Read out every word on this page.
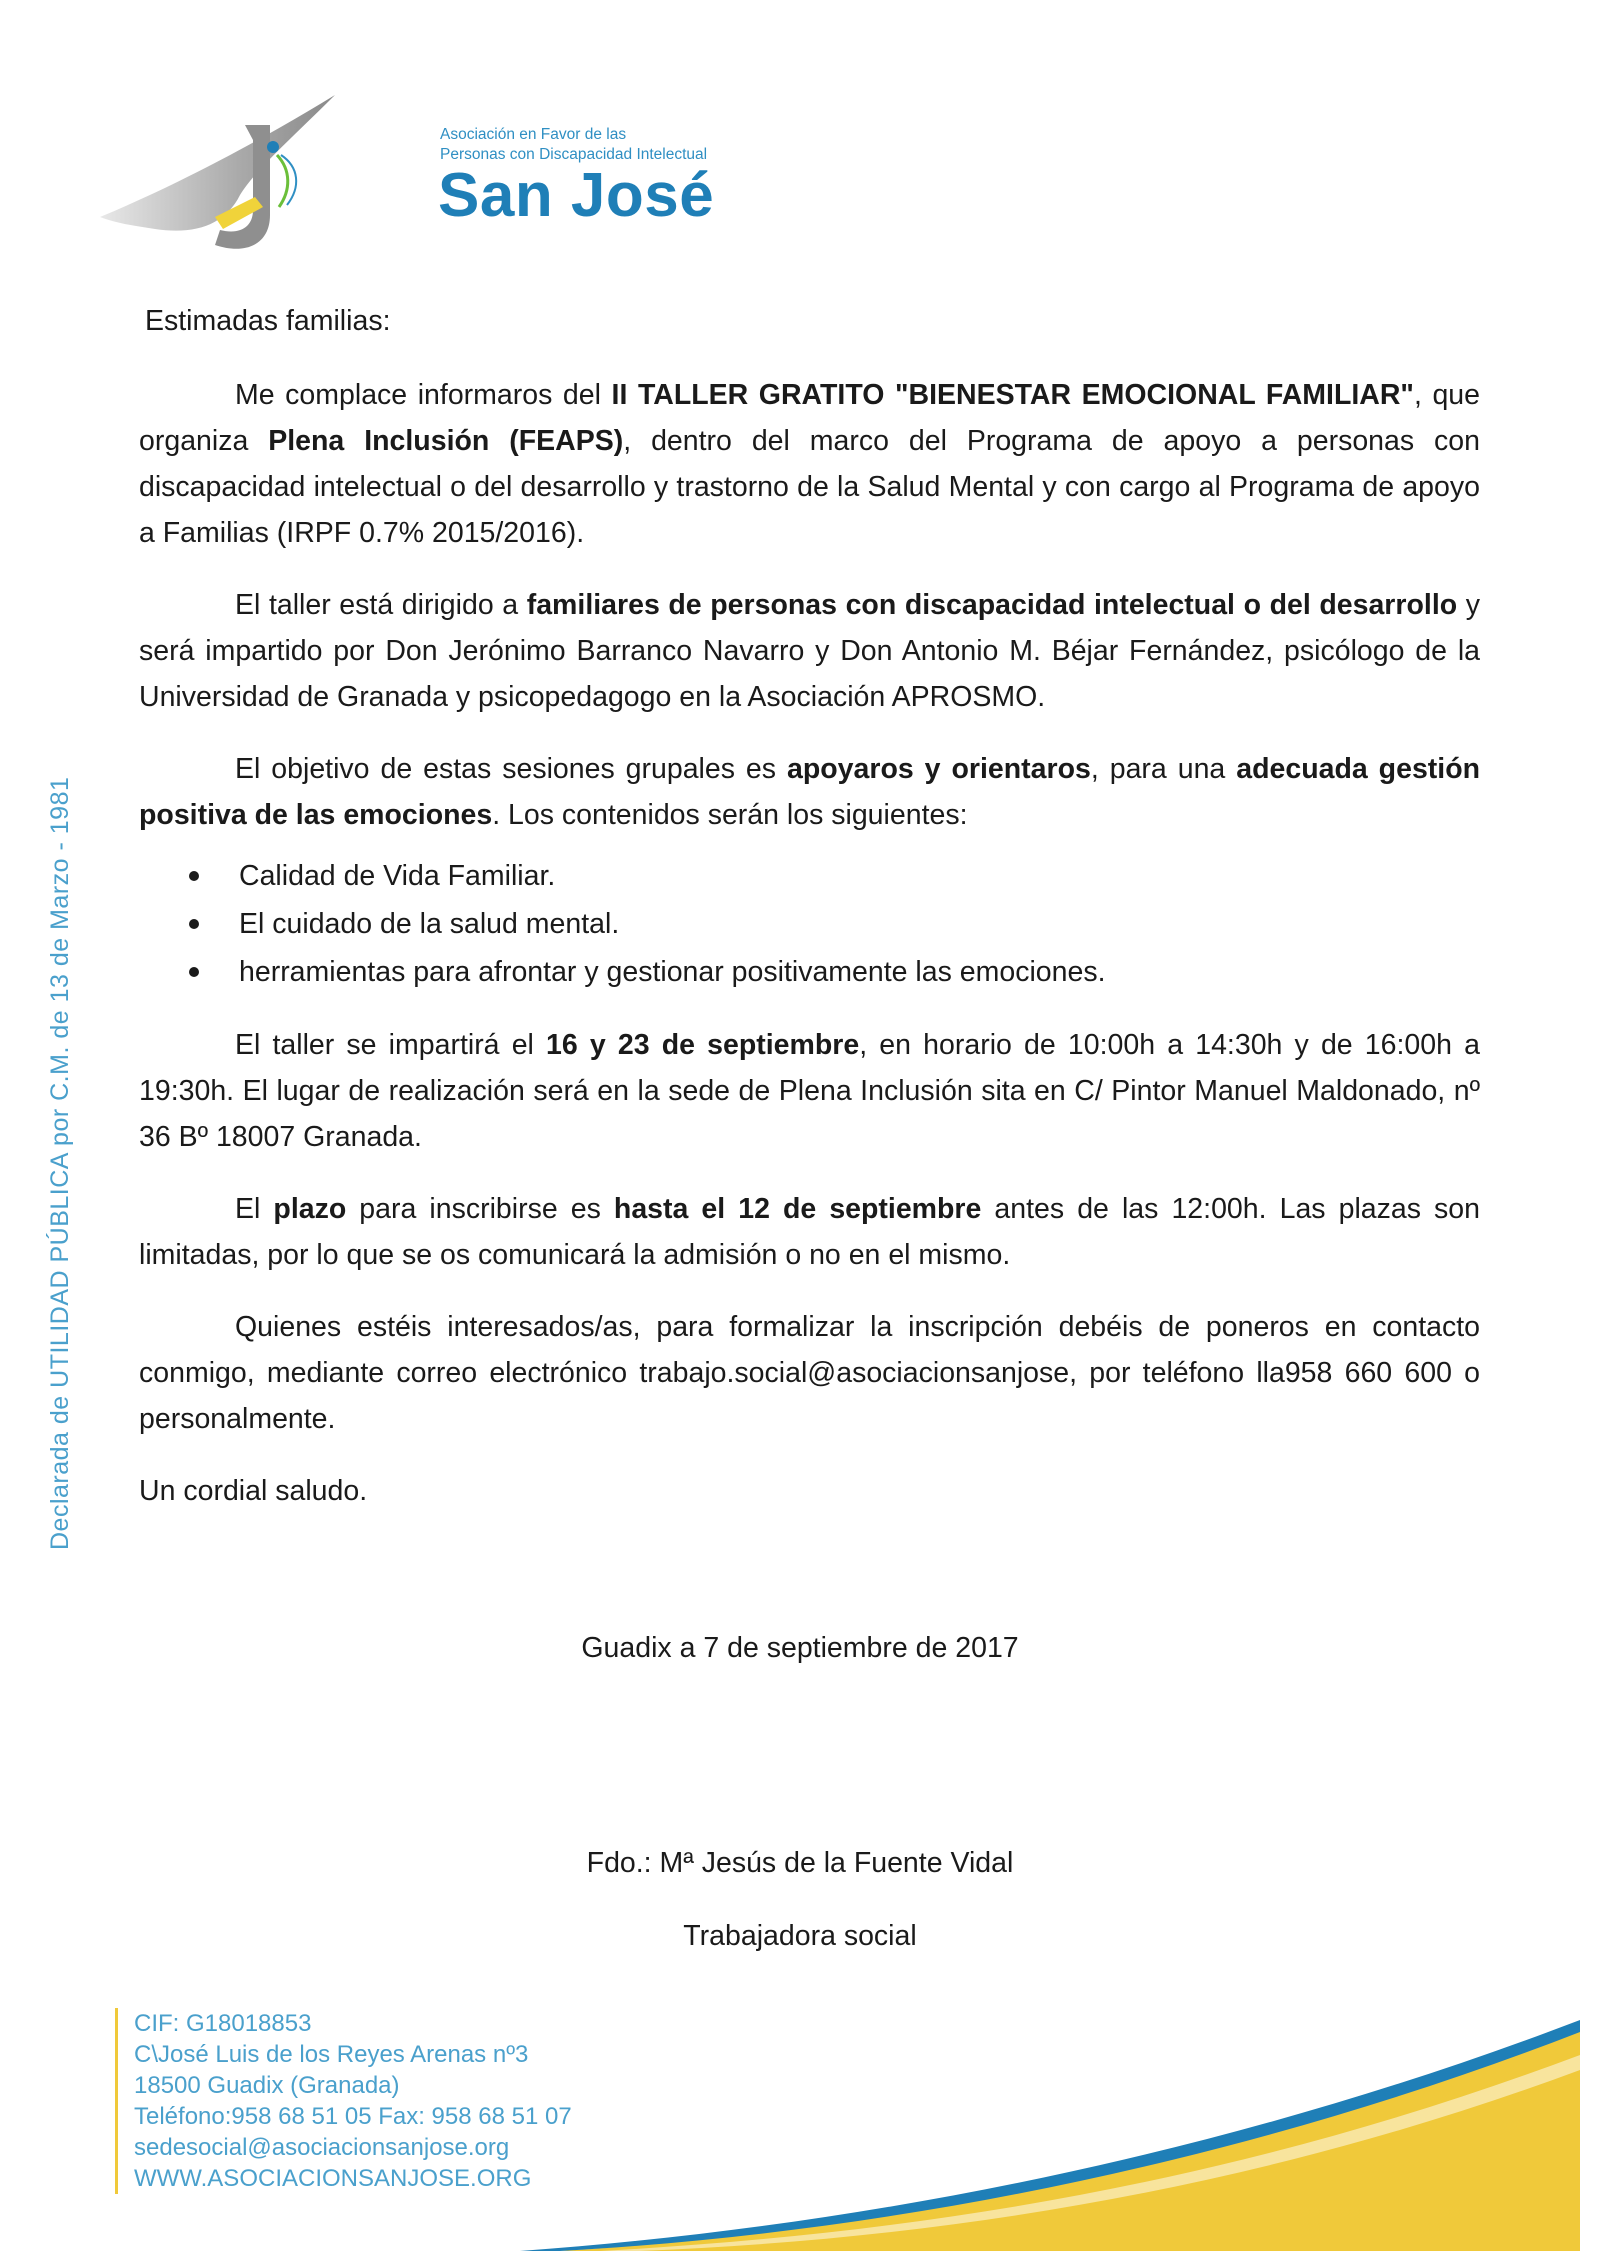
Asociación en Favor de las
Personas con Discapacidad Intelectual
San José
Declarada de UTILIDAD PÚBLICA por C.M. de 13 de Marzo - 1981
Estimadas familias:

Me complace informaros del II TALLER GRATITO "BIENESTAR EMOCIONAL FAMILIAR", que organiza Plena Inclusión (FEAPS), dentro del marco del Programa de apoyo a personas con discapacidad intelectual o del desarrollo y trastorno de la Salud Mental y con cargo al Programa de apoyo a Familias (IRPF 0.7% 2015/2016).

El taller está dirigido a familiares de personas con discapacidad intelectual o del desarrollo y será impartido por Don Jerónimo Barranco Navarro y Don Antonio M. Béjar Fernández, psicólogo de la Universidad de Granada y psicopedagogo en la Asociación APROSMO.

El objetivo de estas sesiones grupales es apoyaros y orientaros, para una adecuada gestión positiva de las emociones. Los contenidos serán los siguientes:

Calidad de Vida Familiar.
El cuidado de la salud mental.
herramientas para afrontar y gestionar positivamente las emociones.

El taller se impartirá el 16 y 23 de septiembre, en horario de 10:00h a 14:30h y de 16:00h a 19:30h. El lugar de realización será en la sede de Plena Inclusión sita en C/ Pintor Manuel Maldonado, nº 36 Bº 18007 Granada.

El plazo para inscribirse es hasta el 12 de septiembre antes de las 12:00h. Las plazas son limitadas, por lo que se os comunicará la admisión o no en el mismo.

Quienes estéis interesados/as, para formalizar la inscripción debéis de poneros en contacto conmigo, mediante correo electrónico trabajo.social@asociacionsanjose, por teléfono lla958 660 600 o personalmente.

Un cordial saludo.

Guadix a 7 de septiembre de 2017
Fdo.: Mª Jesús de la Fuente Vidal
Trabajadora social
CIF: G18018853
C\José Luis de los Reyes Arenas nº3
18500 Guadix (Granada)
Teléfono:958 68 51 05 Fax: 958 68 51 07
sedesocial@asociacionsanjose.org
WWW.ASOCIACIONSANJOSE.ORG
